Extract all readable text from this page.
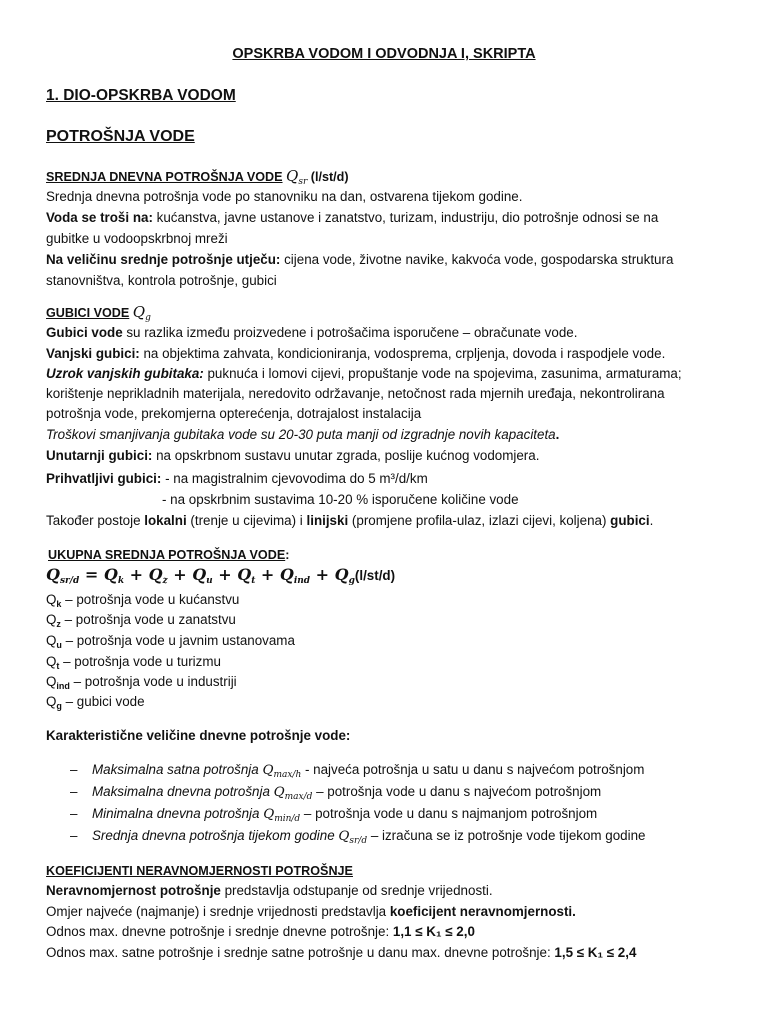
OPSKRBA VODOM I ODVODNJA I, SKRIPTA
1. DIO-OPSKRBA VODOM
POTROŠNJA VODE
SREDNJA DNEVNA POTROŠNJA VODE $Q_{sr}$ (l/st/d)
Srednja dnevna potrošnja vode po stanovniku na dan, ostvarena tijekom godine.
Voda se troši na: kućanstva, javne ustanove i zanatstvo, turizam, industriju, dio potrošnje odnosi se na
gubitke u vodoopskrbnoj mreži
Na veličinu srednje potrošnje utječu: cijena vode, životne navike, kakvoća vode, gospodarska struktura
stanovništva, kontrola potrošnje, gubici
GUBICI VODE $Q_g$
Gubici vode su razlika između proizvedene i potrošačima isporučene – obračunate vode.
Vanjski gubici: na objektima zahvata, kondicioniranja, vodosprema, crpljenja, dovoda i raspodjele vode.
Uzrok vanjskih gubitaka: puknuća i lomovi cijevi, propuštanje vode na spojevima, zasunima, armaturama;
korištenje neprikladnih materijala, neredovito održavanje, netočnost rada mjernih uređaja, nekontrolirana
potrošnja vode, prekomjerna opterećenja, dotrajalost instalacija
Troškovi smanjivanja gubitaka vode su 20-30 puta manji od izgradnje novih kapaciteta.
Unutarnji gubici: na opskrbnom sustavu unutar zgrada, poslije kućnog vodomjera.
Prihvatljivi gubici: - na magistralnim cjevovodima do 5 m³/d/km
- na opskrbnim sustavima 10-20 % isporučene količine vode
Također postoje lokalni (trenje u cijevima) i linijski (promjene profila-ulaz, izlazi cijevi, koljena) gubici.
UKUPNA SREDNJA POTROŠNJA VODE:
$Q_{sr/d} = Q_k + Q_z + Q_u + Q_t + Q_{ind} + Q_g(l/st/d)$
$Q_k$ – potrošnja vode u kućanstvu
$Q_z$ – potrošnja vode u zanatstvu
$Q_u$ – potrošnja vode u javnim ustanovama
$Q_t$ – potrošnja vode u turizmu
$Q_{ind}$ – potrošnja vode u industriji
$Q_g$ – gubici vode
Karakteristične veličine dnevne potrošnje vode:
– Maksimalna satna potrošnja $Q_{max/h}$ - najveća potrošnja u satu u danu s najvećom potrošnjom
– Maksimalna dnevna potrošnja $Q_{max/d}$ – potrošnja vode u danu s najvećom potrošnjom
– Minimalna dnevna potrošnja $Q_{min/d}$ – potrošnja vode u danu s najmanjom potrošnjom
– Srednja dnevna potrošnja tijekom godine $Q_{sr/d}$ – izračuna se iz potrošnje vode tijekom godine
KOEFICIJENTI NERAVNOMJERNOSTI POTROŠNJE
Neravnomjernost potrošnje predstavlja odstupanje od srednje vrijednosti.
Omjer najveće (najmanje) i srednje vrijednosti predstavlja koeficijent neravnomjernosti.
Odnos max. dnevne potrošnje i srednje dnevne potrošnje: 1,1 ≤ K₁ ≤ 2,0
Odnos max. satne potrošnje i srednje satne potrošnje u danu max. dnevne potrošnje: 1,5 ≤ K₁ ≤ 2,4
